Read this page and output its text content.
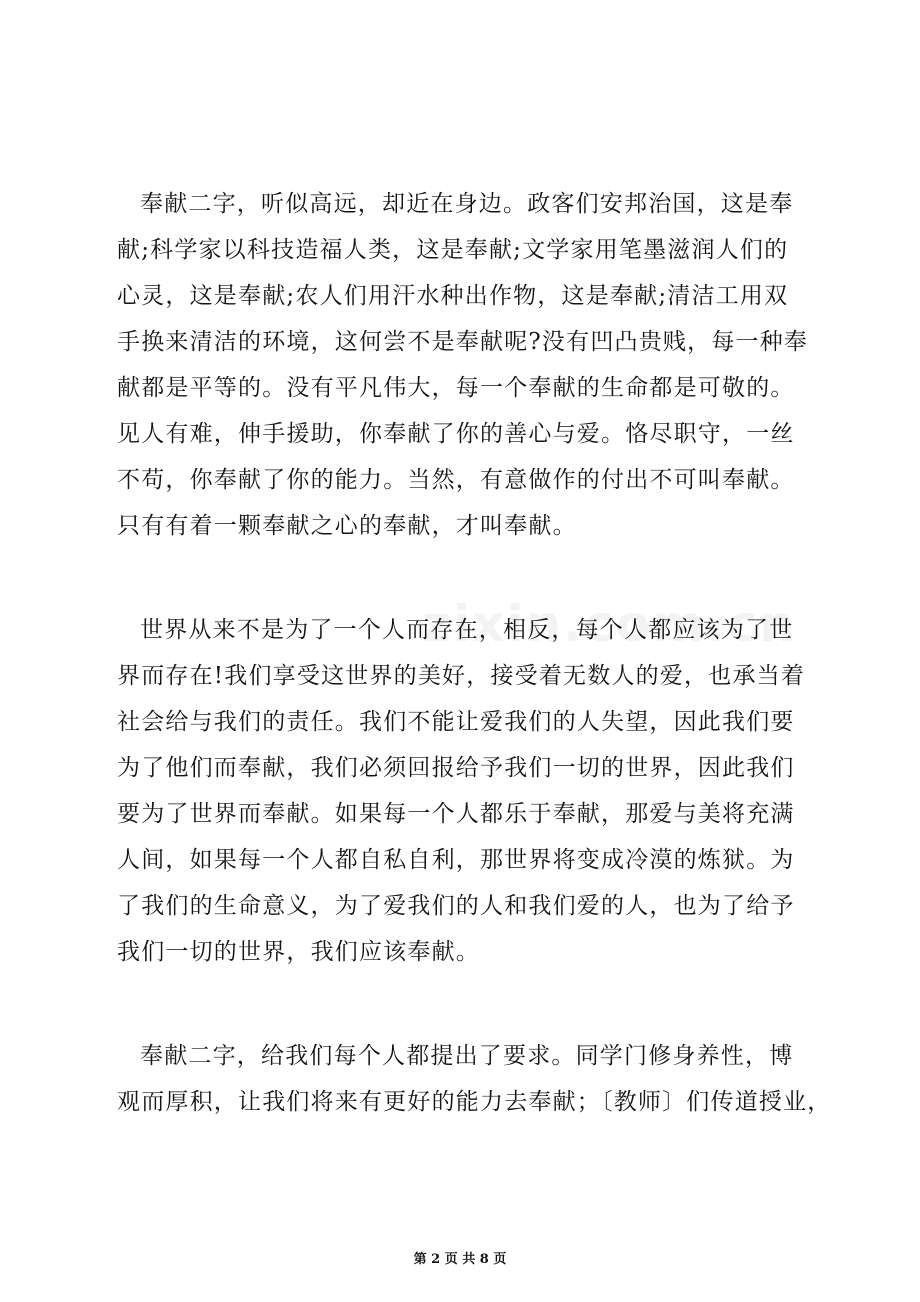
奉献二字，听似高远，却近在身边。政客们安邦治国，这是奉
献;科学家以科技造福人类，这是奉献;文学家用笔墨滋润人们的
心灵，这是奉献;农人们用汗水种出作物，这是奉献;清洁工用双
手换来清洁的环境，这何尝不是奉献呢?没有凹凸贵贱，每一种奉
献都是平等的。没有平凡伟大，每一个奉献的生命都是可敬的。
见人有难，伸手援助，你奉献了你的善心与爱。恪尽职守，一丝
不苟，你奉献了你的能力。当然，有意做作的付出不可叫奉献。
只有有着一颗奉献之心的奉献，才叫奉献。

世界从来不是为了一个人而存在，相反，每个人都应该为了世
界而存在!我们享受这世界的美好，接受着无数人的爱，也承当着
社会给与我们的责任。我们不能让爱我们的人失望，因此我们要
为了他们而奉献，我们必须回报给予我们一切的世界，因此我们
要为了世界而奉献。如果每一个人都乐于奉献，那爱与美将充满
人间，如果每一个人都自私自利，那世界将变成冷漠的炼狱。为
了我们的生命意义，为了爱我们的人和我们爱的人，也为了给予
我们一切的世界，我们应该奉献。

奉献二字，给我们每个人都提出了要求。同学门修身养性，博
观而厚积，让我们将来有更好的能力去奉献；〔教师〕们传道授业，

第 2 页 共 8 页
